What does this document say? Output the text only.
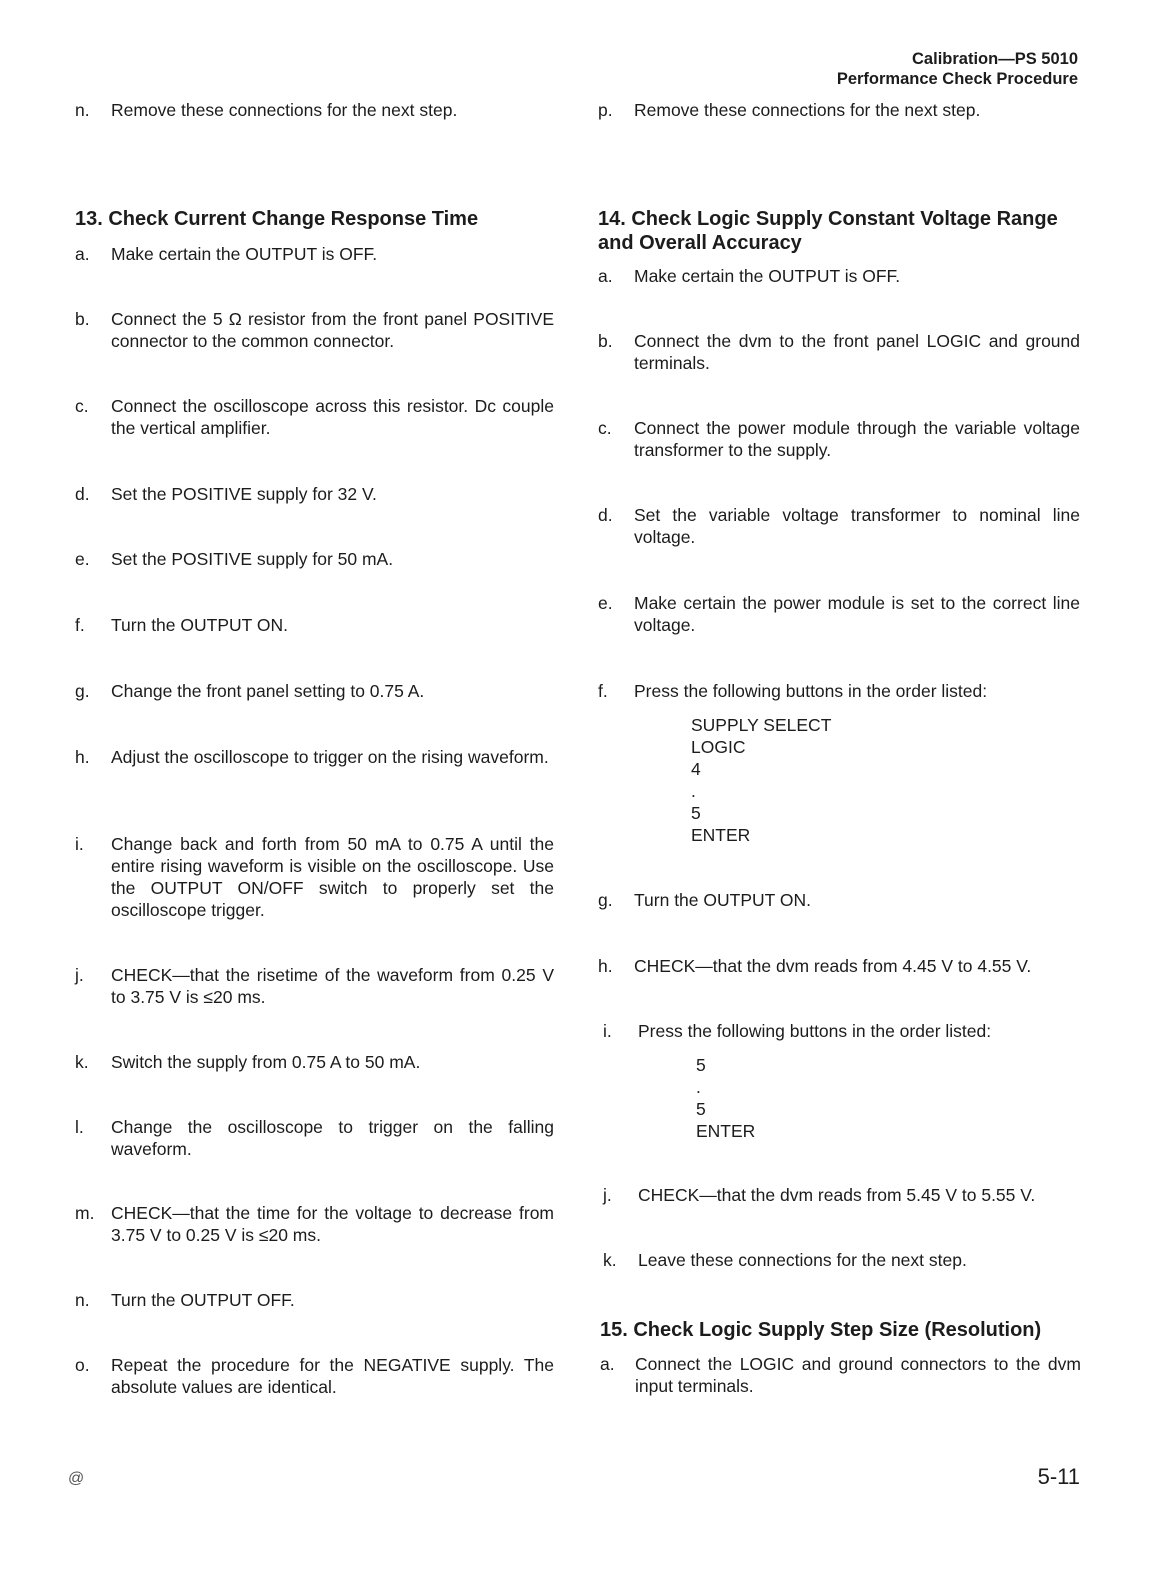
Calibration—PS 5010
Performance Check Procedure
n. Remove these connections for the next step.
13. Check Current Change Response Time
a. Make certain the OUTPUT is OFF.
b. Connect the 5 Ω resistor from the front panel POSITIVE connector to the common connector.
c. Connect the oscilloscope across this resistor. Dc couple the vertical amplifier.
d. Set the POSITIVE supply for 32 V.
e. Set the POSITIVE supply for 50 mA.
f. Turn the OUTPUT ON.
g. Change the front panel setting to 0.75 A.
h. Adjust the oscilloscope to trigger on the rising waveform.
i. Change back and forth from 50 mA to 0.75 A until the entire rising waveform is visible on the oscilloscope. Use the OUTPUT ON/OFF switch to properly set the oscilloscope trigger.
j. CHECK—that the risetime of the waveform from 0.25 V to 3.75 V is ≤20 ms.
k. Switch the supply from 0.75 A to 50 mA.
l. Change the oscilloscope to trigger on the falling waveform.
m. CHECK—that the time for the voltage to decrease from 3.75 V to 0.25 V is ≤20 ms.
n. Turn the OUTPUT OFF.
o. Repeat the procedure for the NEGATIVE supply. The absolute values are identical.
p. Remove these connections for the next step.
14. Check Logic Supply Constant Voltage Range
and Overall Accuracy
a. Make certain the OUTPUT is OFF.
b. Connect the dvm to the front panel LOGIC and ground terminals.
c. Connect the power module through the variable voltage transformer to the supply.
d. Set the variable voltage transformer to nominal line voltage.
e. Make certain the power module is set to the correct line voltage.
f. Press the following buttons in the order listed:
SUPPLY SELECT
LOGIC
4
.
5
ENTER
g. Turn the OUTPUT ON.
h. CHECK—that the dvm reads from 4.45 V to 4.55 V.
i. Press the following buttons in the order listed:
5
.
5
ENTER
j. CHECK—that the dvm reads from 5.45 V to 5.55 V.
k. Leave these connections for the next step.
15. Check Logic Supply Step Size (Resolution)
a. Connect the LOGIC and ground connectors to the dvm input terminals.
@	5-11
